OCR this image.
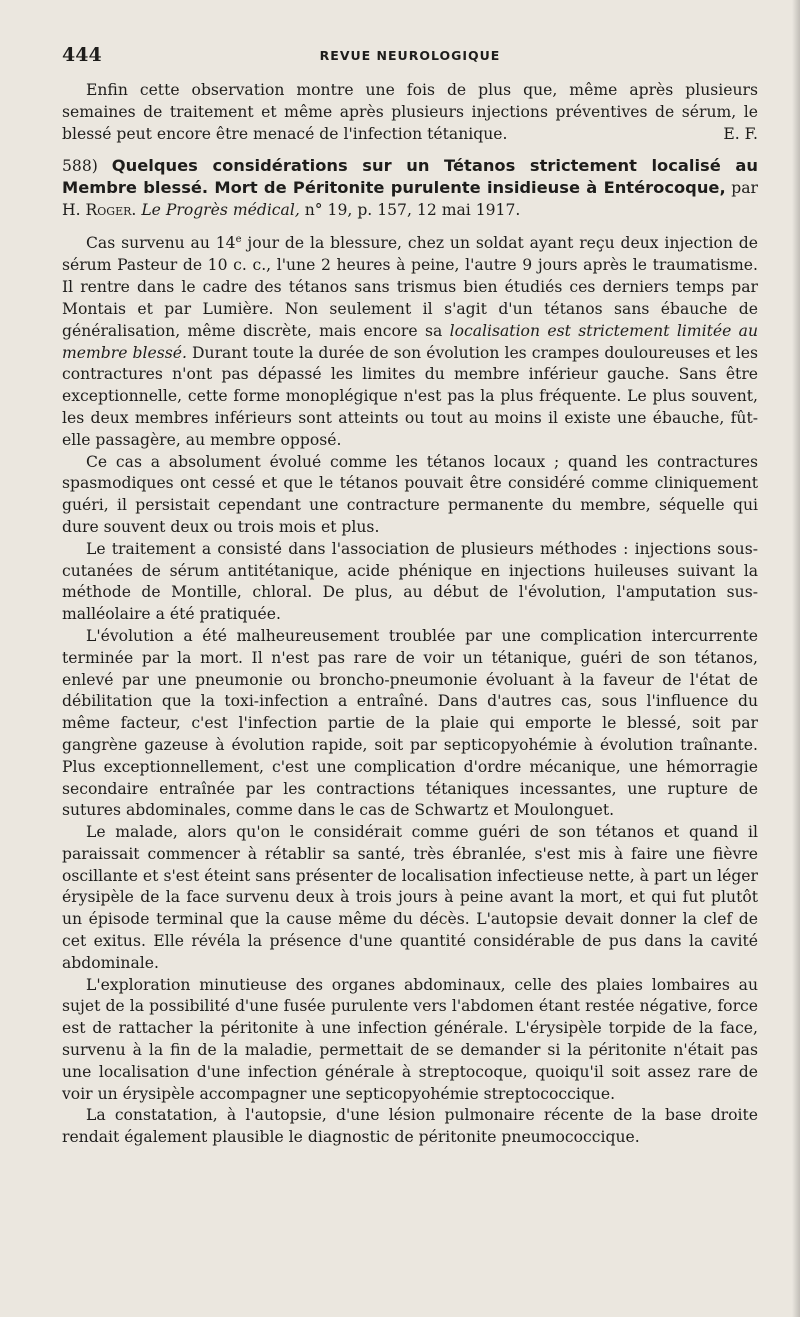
444	REVUE NEUROLOGIQUE

Enfin cette observation montre une fois de plus que, même après plusieurs semaines de traitement et même après plusieurs injections préventives de sérum, le blessé peut encore être menacé de l'infection tétanique.	E. F.

588) Quelques considérations sur un Tétanos strictement localisé au Membre blessé. Mort de Péritonite purulente insidieuse à Entérocoque, par H. Roger. Le Progrès médical, n° 19, p. 157, 12 mai 1917.

Cas survenu au 14e jour de la blessure, chez un soldat ayant reçu deux injection de sérum Pasteur de 10 c. c., l'une 2 heures à peine, l'autre 9 jours après le traumatisme. Il rentre dans le cadre des tétanos sans trismus bien étudiés ces derniers temps par Montais et par Lumière. Non seulement il s'agit d'un tétanos sans ébauche de généralisation, même discrète, mais encore sa localisation est strictement limitée au membre blessé. Durant toute la durée de son évolution les crampes douloureuses et les contractures n'ont pas dépassé les limites du membre inférieur gauche. Sans être exceptionnelle, cette forme monoplégique n'est pas la plus fréquente. Le plus souvent, les deux membres inférieurs sont atteints ou tout au moins il existe une ébauche, fût-elle passagère, au membre opposé.

Ce cas a absolument évolué comme les tétanos locaux ; quand les contractures spasmodiques ont cessé et que le tétanos pouvait être considéré comme cliniquement guéri, il persistait cependant une contracture permanente du membre, séquelle qui dure souvent deux ou trois mois et plus.

Le traitement a consisté dans l'association de plusieurs méthodes : injections sous-cutanées de sérum antitétanique, acide phénique en injections huileuses suivant la méthode de Montille, chloral. De plus, au début de l'évolution, l'amputation sus-malléolaire a été pratiquée.

L'évolution a été malheureusement troublée par une complication intercurrente terminée par la mort. Il n'est pas rare de voir un tétanique, guéri de son tétanos, enlevé par une pneumonie ou broncho-pneumonie évoluant à la faveur de l'état de débilitation que la toxi-infection a entraîné. Dans d'autres cas, sous l'influence du même facteur, c'est l'infection partie de la plaie qui emporte le blessé, soit par gangrène gazeuse à évolution rapide, soit par septicopyohémie à évolution traînante. Plus exceptionnellement, c'est une complication d'ordre mécanique, une hémorragie secondaire entraînée par les contractions tétaniques incessantes, une rupture de sutures abdominales, comme dans le cas de Schwartz et Moulonguet.

Le malade, alors qu'on le considérait comme guéri de son tétanos et quand il paraissait commencer à rétablir sa santé, très ébranlée, s'est mis à faire une fièvre oscillante et s'est éteint sans présenter de localisation infectieuse nette, à part un léger érysipèle de la face survenu deux à trois jours à peine avant la mort, et qui fut plutôt un épisode terminal que la cause même du décès. L'autopsie devait donner la clef de cet exitus. Elle révéla la présence d'une quantité considérable de pus dans la cavité abdominale.

L'exploration minutieuse des organes abdominaux, celle des plaies lombaires au sujet de la possibilité d'une fusée purulente vers l'abdomen étant restée négative, force est de rattacher la péritonite à une infection générale. L'érysipèle torpide de la face, survenu à la fin de la maladie, permettait de se demander si la péritonite n'était pas une localisation d'une infection générale à streptocoque, quoiqu'il soit assez rare de voir un érysipèle accompagner une septicopyohémie streptococcique.

La constatation, à l'autopsie, d'une lésion pulmonaire récente de la base droite rendait également plausible le diagnostic de péritonite pneumococcique.
